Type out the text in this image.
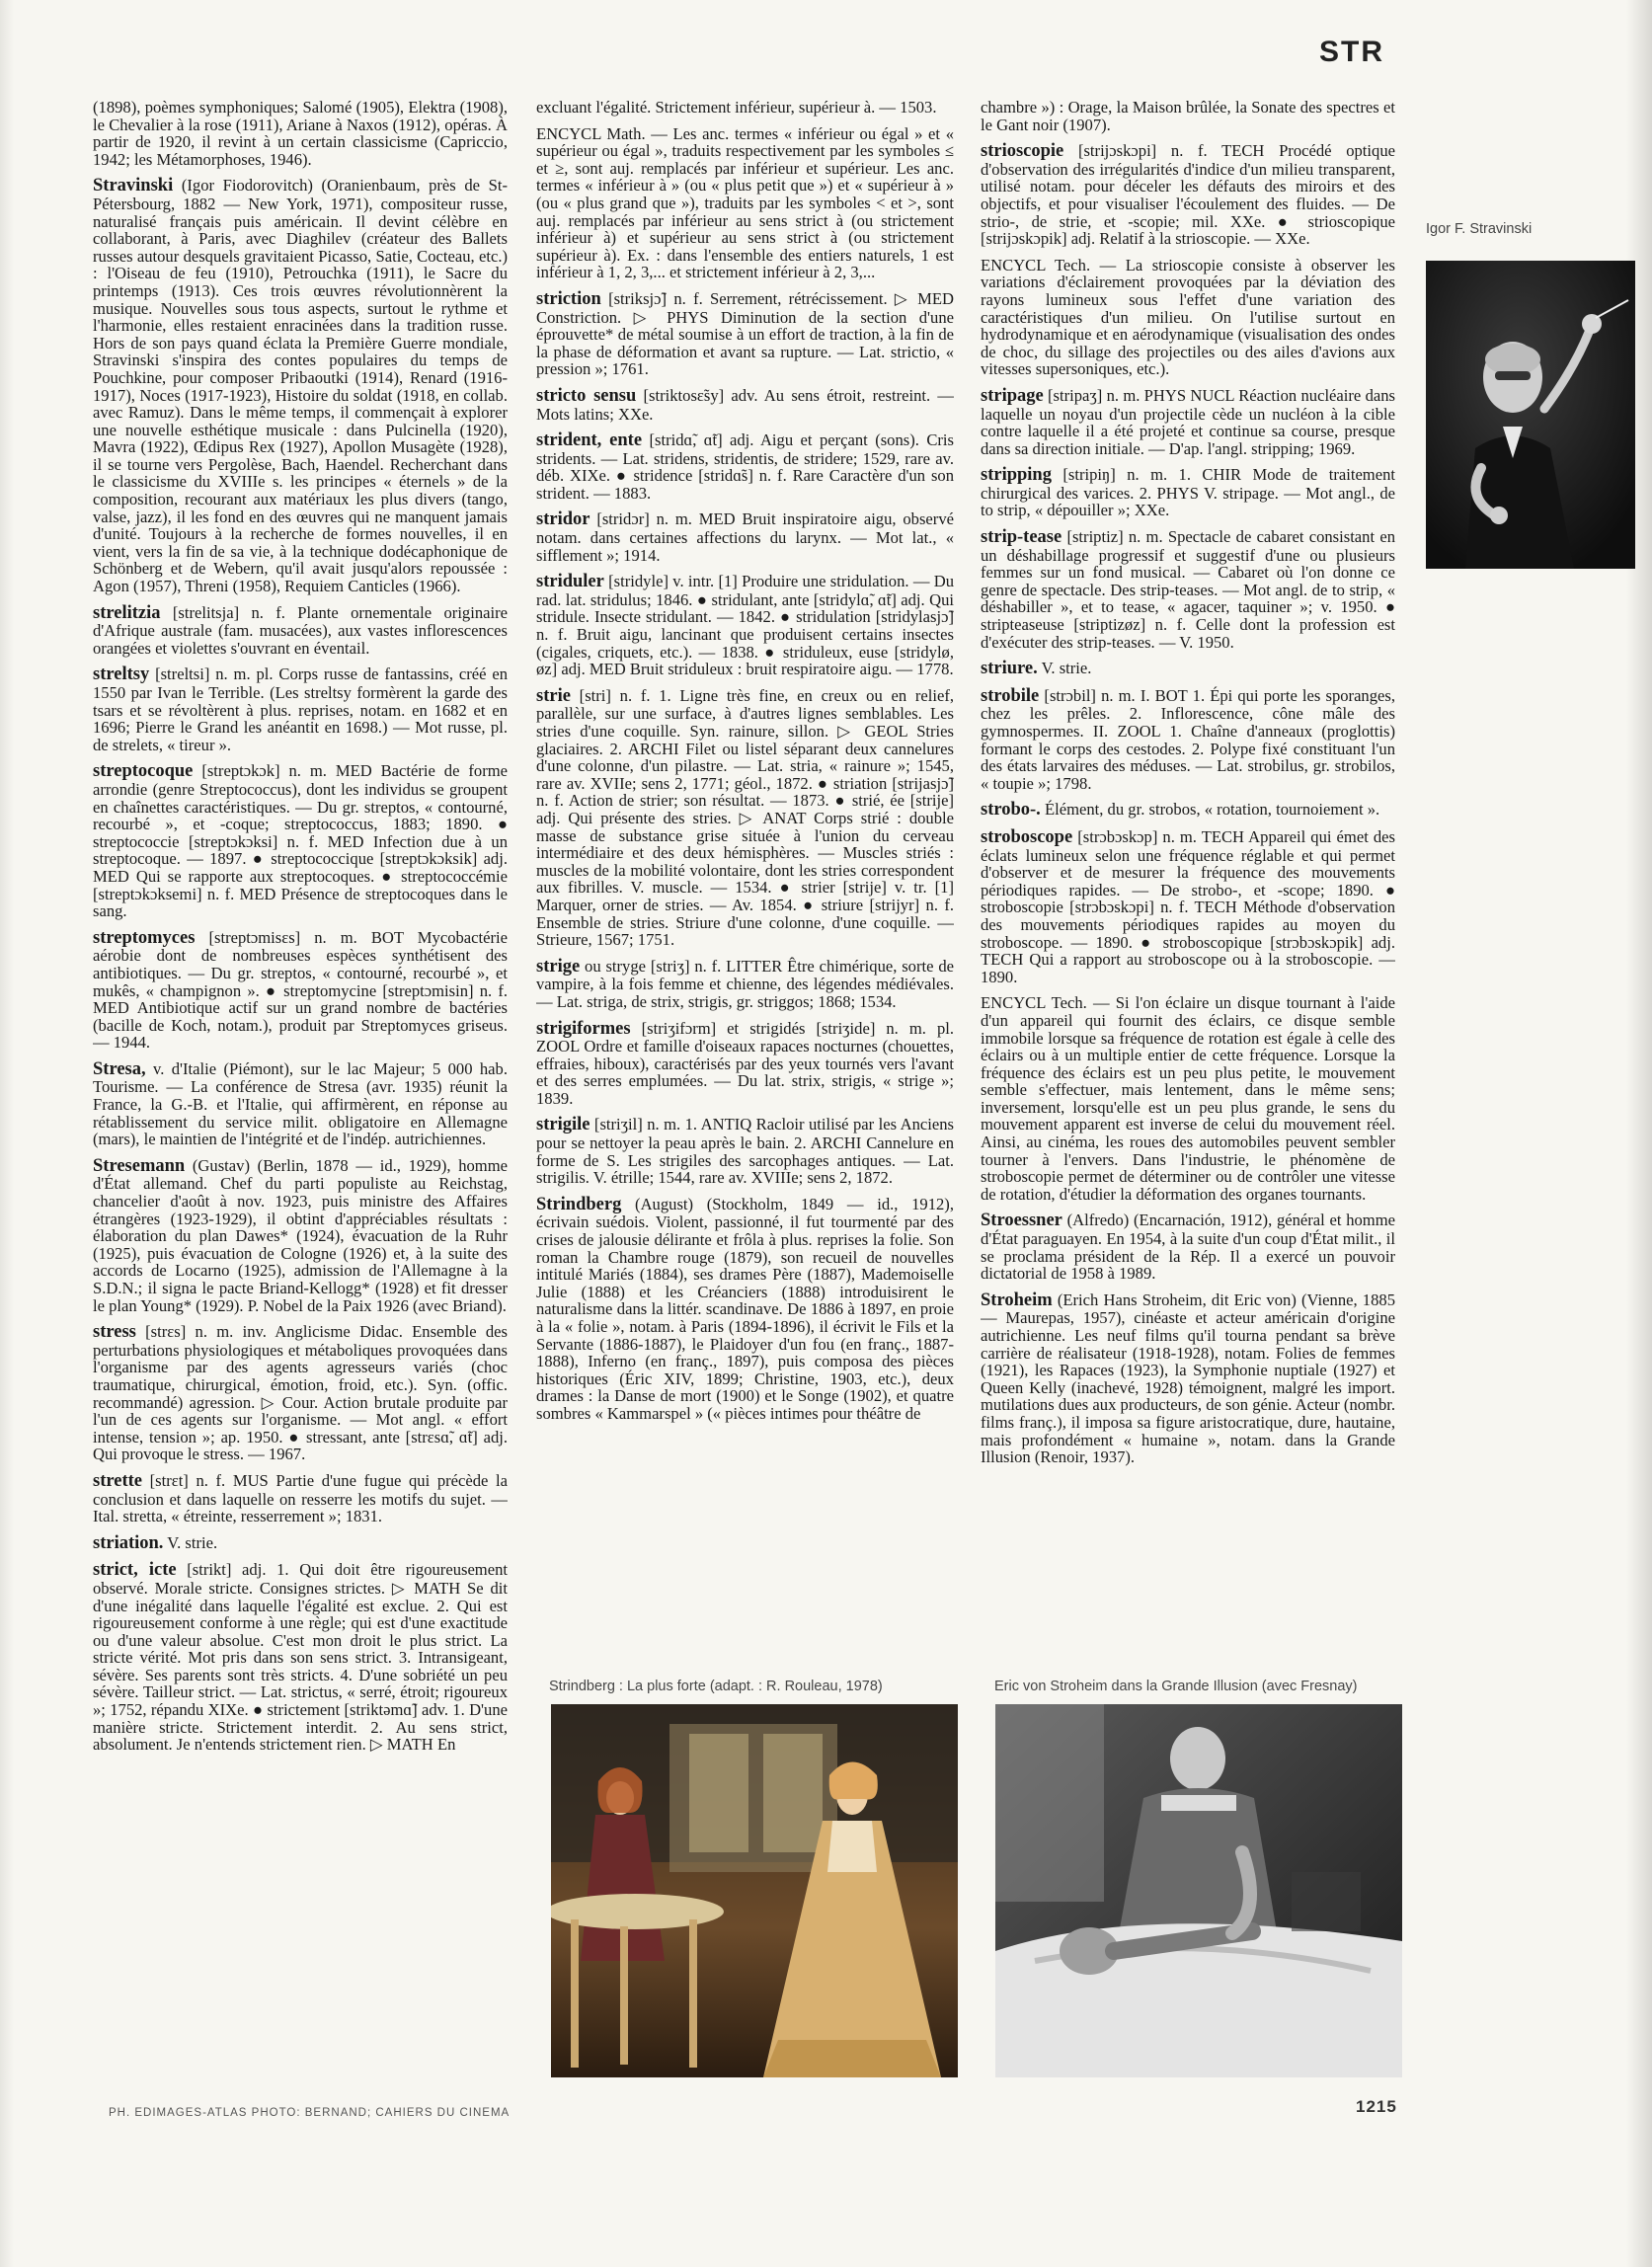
STR

(1898), poèmes symphoniques; Salomé (1905), Elektra (1908), le Chevalier à la rose (1911), Ariane à Naxos (1912), opéras. À partir de 1920, il revint à un certain classicisme (Capriccio, 1942; les Métamorphoses, 1946).

Stravinski (Igor Fiodorovitch) (Oranienbaum, près de St-Pétersbourg, 1882 — New York, 1971), compositeur russe, naturalisé français puis américain. Il devint célèbre en collaborant, à Paris, avec Diaghilev (créateur des Ballets russes autour desquels gravitaient Picasso, Satie, Cocteau, etc.) : l'Oiseau de feu (1910), Petrouchka (1911), le Sacre du printemps (1913). Ces trois œuvres révolutionnèrent la musique. Nouvelles sous tous aspects, surtout le rythme et l'harmonie, elles restaient enracinées dans la tradition russe. Hors de son pays quand éclata la Première Guerre mondiale, Stravinski s'inspira des contes populaires du temps de Pouchkine, pour composer Pribaoutki (1914), Renard (1916-1917), Noces (1917-1923), Histoire du soldat (1918, en collab. avec Ramuz). Dans le même temps, il commençait à explorer une nouvelle esthétique musicale : dans Pulcinella (1920), Mavra (1922), Œdipus Rex (1927), Apollon Musagète (1928), il se tourne vers Pergolèse, Bach, Haendel. Recherchant dans le classicisme du XVIIIe s. les principes « éternels » de la composition, recourant aux matériaux les plus divers (tango, valse, jazz), il les fond en des œuvres qui ne manquent jamais d'unité. Toujours à la recherche de formes nouvelles, il en vient, vers la fin de sa vie, à la technique dodécaphonique de Schönberg et de Webern, qu'il avait jusqu'alors repoussée : Agon (1957), Threni (1958), Requiem Canticles (1966).

strelitzia [strelitsja] n. f. Plante ornementale originaire d'Afrique australe (fam. musacées), aux vastes inflorescences orangées et violettes s'ouvrant en éventail.

streltsy [streltsi] n. m. pl. Corps russe de fantassins, créé en 1550 par Ivan le Terrible. (Les streltsy formèrent la garde des tsars et se révoltèrent à plus. reprises, notam. en 1682 et en 1696; Pierre le Grand les anéantit en 1698.) — Mot russe, pl. de strelets, « tireur ».

streptocoque [streptɔkɔk] n. m. MED Bactérie de forme arrondie (genre Streptococcus), dont les individus se groupent en chaînettes caractéristiques. — Du gr. streptos, « contourné, recourbé », et -coque; streptococcus, 1883; 1890. ● streptococcie [streptɔkɔksi] n. f. MED Infection due à un streptocoque. — 1897. ● streptococcique [streptɔkɔksik] adj. MED Qui se rapporte aux streptocoques. ● streptococcémie [streptɔkɔksemi] n. f. MED Présence de streptocoques dans le sang.

streptomyces [streptɔmisɛs] n. m. BOT Mycobactérie aérobie dont de nombreuses espèces synthétisent des antibiotiques. — Du gr. streptos, « contourné, recourbé », et mukês, « champignon ». ● streptomycine [streptɔmisin] n. f. MED Antibiotique actif sur un grand nombre de bactéries (bacille de Koch, notam.), produit par Streptomyces griseus. — 1944.

Stresa, v. d'Italie (Piémont), sur le lac Majeur; 5 000 hab. Tourisme. — La conférence de Stresa (avr. 1935) réunit la France, la G.-B. et l'Italie, qui affirmèrent, en réponse au rétablissement du service milit. obligatoire en Allemagne (mars), le maintien de l'intégrité et de l'indép. autrichiennes.

Stresemann (Gustav) (Berlin, 1878 — id., 1929), homme d'État allemand. Chef du parti populiste au Reichstag, chancelier d'août à nov. 1923, puis ministre des Affaires étrangères (1923-1929), il obtint d'appréciables résultats : élaboration du plan Dawes* (1924), évacuation de la Ruhr (1925), puis évacuation de Cologne (1926) et, à la suite des accords de Locarno (1925), admission de l'Allemagne à la S.D.N.; il signa le pacte Briand-Kellogg* (1928) et fit dresser le plan Young* (1929). P. Nobel de la Paix 1926 (avec Briand).

stress [strɛs] n. m. inv. Anglicisme Didac. Ensemble des perturbations physiologiques et métaboliques provoquées dans l'organisme par des agents agresseurs variés (choc traumatique, chirurgical, émotion, froid, etc.). Syn. (offic. recommandé) agression. ▷ Cour. Action brutale produite par l'un de ces agents sur l'organisme. — Mot angl. « effort intense, tension »; ap. 1950. ● stressant, ante [strɛsɑ̃, ɑ̃t] adj. Qui provoque le stress. — 1967.

strette [strɛt] n. f. MUS Partie d'une fugue qui précède la conclusion et dans laquelle on resserre les motifs du sujet. — Ital. stretta, « étreinte, resserrement »; 1831.

striation. V. strie.

strict, icte [strikt] adj. 1. Qui doit être rigoureusement observé. Morale stricte. Consignes strictes. ▷ MATH Se dit d'une inégalité dans laquelle l'égalité est exclue. 2. Qui est rigoureusement conforme à une règle; qui est d'une exactitude ou d'une valeur absolue. C'est mon droit le plus strict. La stricte vérité. Mot pris dans son sens strict. 3. Intransigeant, sévère. Ses parents sont très stricts. 4. D'une sobriété un peu sévère. Tailleur strict. — Lat. strictus, « serré, étroit; rigoureux »; 1752, répandu XIXe. ● strictement [striktəmɑ̃] adv. 1. D'une manière stricte. Strictement interdit. 2. Au sens strict, absolument. Je n'entends strictement rien. ▷ MATH En

excluant l'égalité. Strictement inférieur, supérieur à. — 1503.

ENCYCL Math. — Les anc. termes « inférieur ou égal » et « supérieur ou égal », traduits respectivement par les symboles ≤ et ≥, sont auj. remplacés par inférieur et supérieur. Les anc. termes « inférieur à » (ou « plus petit que ») et « supérieur à » (ou « plus grand que »), traduits par les symboles < et >, sont auj. remplacés par inférieur au sens strict à (ou strictement inférieur à) et supérieur au sens strict à (ou strictement supérieur à). Ex. : dans l'ensemble des entiers naturels, 1 est inférieur à 1, 2, 3,... et strictement inférieur à 2, 3,...

striction [striksjɔ̃] n. f. Serrement, rétrécissement. ▷ MED Constriction. ▷ PHYS Diminution de la section d'une éprouvette* de métal soumise à un effort de traction, à la fin de la phase de déformation et avant sa rupture. — Lat. strictio, « pression »; 1761.

stricto sensu [striktosɛ̃sy] adv. Au sens étroit, restreint. — Mots latins; XXe.

strident, ente [stridɑ̃, ɑ̃t] adj. Aigu et perçant (sons). Cris stridents. — Lat. stridens, stridentis, de stridere; 1529, rare av. déb. XIXe. ● stridence [stridɑ̃s] n. f. Rare Caractère d'un son strident. — 1883.

stridor [stridɔr] n. m. MED Bruit inspiratoire aigu, observé notam. dans certaines affections du larynx. — Mot lat., « sifflement »; 1914.

striduler [stridyle] v. intr. [1] Produire une stridulation. — Du rad. lat. stridulus; 1846. ● stridulant, ante [stridylɑ̃, ɑ̃t] adj. Qui stridule. Insecte stridulant. — 1842. ● stridulation [stridylasjɔ̃] n. f. Bruit aigu, lancinant que produisent certains insectes (cigales, criquets, etc.). — 1838. ● striduleux, euse [stridylø, øz] adj. MED Bruit striduleux : bruit respiratoire aigu. — 1778.

strie [stri] n. f. 1. Ligne très fine, en creux ou en relief, parallèle, sur une surface, à d'autres lignes semblables. Les stries d'une coquille. Syn. rainure, sillon. ▷ GEOL Stries glaciaires. 2. ARCHI Filet ou listel séparant deux cannelures d'une colonne, d'un pilastre. — Lat. stria, « rainure »; 1545, rare av. XVIIe; sens 2, 1771; géol., 1872. ● striation [strijasjɔ̃] n. f. Action de strier; son résultat. — 1873. ● strié, ée [strije] adj. Qui présente des stries. ▷ ANAT Corps strié : double masse de substance grise située à l'union du cerveau intermédiaire et des deux hémisphères. — Muscles striés : muscles de la mobilité volontaire, dont les stries correspondent aux fibrilles. V. muscle. — 1534. ● strier [strije] v. tr. [1] Marquer, orner de stries. — Av. 1854. ● striure [strijyr] n. f. Ensemble de stries. Striure d'une colonne, d'une coquille. — Strieure, 1567; 1751.

strige ou stryge [striʒ] n. f. LITTER Être chimérique, sorte de vampire, à la fois femme et chienne, des légendes médiévales. — Lat. striga, de strix, strigis, gr. striggos; 1868; 1534.

strigiformes [striʒifɔrm] et strigidés [striʒide] n. m. pl. ZOOL Ordre et famille d'oiseaux rapaces nocturnes (chouettes, effraies, hiboux), caractérisés par des yeux tournés vers l'avant et des serres emplumées. — Du lat. strix, strigis, « strige »; 1839.

strigile [striʒil] n. m. 1. ANTIQ Racloir utilisé par les Anciens pour se nettoyer la peau après le bain. 2. ARCHI Cannelure en forme de S. Les strigiles des sarcophages antiques. — Lat. strigilis. V. étrille; 1544, rare av. XVIIIe; sens 2, 1872.

Strindberg (August) (Stockholm, 1849 — id., 1912), écrivain suédois. Violent, passionné, il fut tourmenté par des crises de jalousie délirante et frôla à plus. reprises la folie. Son roman la Chambre rouge (1879), son recueil de nouvelles intitulé Mariés (1884), ses drames Père (1887), Mademoiselle Julie (1888) et les Créanciers (1888) introduisirent le naturalisme dans la littér. scandinave. De 1886 à 1897, en proie à la « folie », notam. à Paris (1894-1896), il écrivit le Fils et la Servante (1886-1887), le Plaidoyer d'un fou (en franç., 1887-1888), Inferno (en franç., 1897), puis composa des pièces historiques (Éric XIV, 1899; Christine, 1903, etc.), deux drames : la Danse de mort (1900) et le Songe (1902), et quatre sombres « Kammarspel » (« pièces intimes pour théâtre de

chambre ») : Orage, la Maison brûlée, la Sonate des spectres et le Gant noir (1907).

strioscopie [strijɔskɔpi] n. f. TECH Procédé optique d'observation des irrégularités d'indice d'un milieu transparent, utilisé notam. pour déceler les défauts des miroirs et des objectifs, et pour visualiser l'écoulement des fluides. — De strio-, de strie, et -scopie; mil. XXe. ● strioscopique [strijɔskɔpik] adj. Relatif à la strioscopie. — XXe.

ENCYCL Tech. — La strioscopie consiste à observer les variations d'éclairement provoquées par la déviation des rayons lumineux sous l'effet d'une variation des caractéristiques d'un milieu. On l'utilise surtout en hydrodynamique et en aérodynamique (visualisation des ondes de choc, du sillage des projectiles ou des ailes d'avions aux vitesses supersoniques, etc.).

stripage [stripaʒ] n. m. PHYS NUCL Réaction nucléaire dans laquelle un noyau d'un projectile cède un nucléon à la cible contre laquelle il a été projeté et continue sa course, presque dans sa direction initiale. — D'ap. l'angl. stripping; 1969.

stripping [stripiŋ] n. m. 1. CHIR Mode de traitement chirurgical des varices. 2. PHYS V. stripage. — Mot angl., de to strip, « dépouiller »; XXe.

strip-tease [striptiz] n. m. Spectacle de cabaret consistant en un déshabillage progressif et suggestif d'une ou plusieurs femmes sur un fond musical. — Cabaret où l'on donne ce genre de spectacle. Des strip-teases. — Mot angl. de to strip, « déshabiller », et to tease, « agacer, taquiner »; v. 1950. ● stripteaseuse [striptizøz] n. f. Celle dont la profession est d'exécuter des strip-teases. — V. 1950.

striure. V. strie.

strobile [strɔbil] n. m. I. BOT 1. Épi qui porte les sporanges, chez les prêles. 2. Inflorescence, cône mâle des gymnospermes. II. ZOOL 1. Chaîne d'anneaux (proglottis) formant le corps des cestodes. 2. Polype fixé constituant l'un des états larvaires des méduses. — Lat. strobilus, gr. strobilos, « toupie »; 1798.

strobo-. Élément, du gr. strobos, « rotation, tournoiement ».

stroboscope [strɔbɔskɔp] n. m. TECH Appareil qui émet des éclats lumineux selon une fréquence réglable et qui permet d'observer et de mesurer la fréquence des mouvements périodiques rapides. — De strobo-, et -scope; 1890. ● stroboscopie [strɔbɔskɔpi] n. f. TECH Méthode d'observation des mouvements périodiques rapides au moyen du stroboscope. — 1890. ● stroboscopique [strɔbɔskɔpik] adj. TECH Qui a rapport au stroboscope ou à la stroboscopie. — 1890.

ENCYCL Tech. — Si l'on éclaire un disque tournant à l'aide d'un appareil qui fournit des éclairs, ce disque semble immobile lorsque sa fréquence de rotation est égale à celle des éclairs ou à un multiple entier de cette fréquence. Lorsque la fréquence des éclairs est un peu plus petite, le mouvement semble s'effectuer, mais lentement, dans le même sens; inversement, lorsqu'elle est un peu plus grande, le sens du mouvement apparent est inverse de celui du mouvement réel. Ainsi, au cinéma, les roues des automobiles peuvent sembler tourner à l'envers. Dans l'industrie, le phénomène de stroboscopie permet de déterminer ou de contrôler une vitesse de rotation, d'étudier la déformation des organes tournants.

Stroessner (Alfredo) (Encarnación, 1912), général et homme d'État paraguayen. En 1954, à la suite d'un coup d'État milit., il se proclama président de la Rép. Il a exercé un pouvoir dictatorial de 1958 à 1989.

Stroheim (Erich Hans Stroheim, dit Eric von) (Vienne, 1885 — Maurepas, 1957), cinéaste et acteur américain d'origine autrichienne. Les neuf films qu'il tourna pendant sa brève carrière de réalisateur (1918-1928), notam. Folies de femmes (1921), les Rapaces (1923), la Symphonie nuptiale (1927) et Queen Kelly (inachevé, 1928) témoignent, malgré les import. mutilations dues aux producteurs, de son génie. Acteur (nombr. films franç.), il imposa sa figure aristocratique, dure, hautaine, mais profondément « humaine », notam. dans la Grande Illusion (Renoir, 1937).

Igor F. Stravinski
Strindberg : La plus forte (adapt. : R. Rouleau, 1978)	Eric von Stroheim dans la Grande Illusion (avec Fresnay)
PH. EDIMAGES-ATLAS PHOTO: BERNAND; CAHIERS DU CINEMA	1215
